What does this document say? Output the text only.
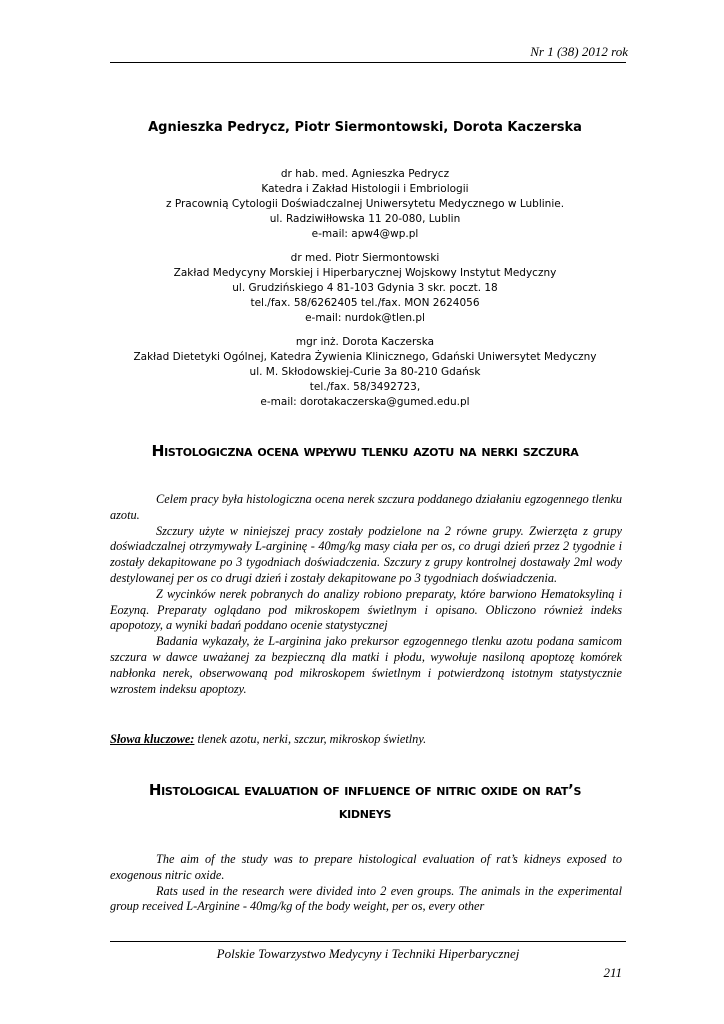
Nr 1 (38) 2012 rok
Agnieszka Pedrycz, Piotr Siermontowski, Dorota Kaczerska
dr hab. med. Agnieszka Pedrycz
Katedra i Zakład Histologii i Embriologii
z Pracownią Cytologii Doświadczalnej Uniwersytetu Medycznego w Lublinie.
ul. Radziwiłłowska 11 20-080, Lublin
e-mail: apw4@wp.pl
dr med. Piotr Siermontowski
Zakład Medycyny Morskiej i Hiperbarycznej Wojskowy Instytut Medyczny
ul. Grudzińskiego 4 81-103 Gdynia 3 skr. poczt. 18
tel./fax. 58/6262405 tel./fax. MON 2624056
e-mail: nurdok@tlen.pl
mgr inż. Dorota Kaczerska
Zakład Dietetyki Ogólnej, Katedra Żywienia Klinicznego, Gdański Uniwersytet Medyczny
ul. M. Skłodowskiej-Curie 3a 80-210 Gdańsk
tel./fax. 58/3492723,
e-mail: dorotakaczerska@gumed.edu.pl
Histologiczna ocena wpływu tlenku azotu na nerki szczura

Celem pracy była histologiczna ocena nerek szczura poddanego działaniu egzogennego tlenku azotu.

Szczury użyte w niniejszej pracy zostały podzielone na 2 równe grupy. Zwierzęta z grupy doświadczalnej otrzymywały L-argininę - 40mg/kg masy ciała per os, co drugi dzień przez 2 tygodnie i zostały dekapitowane po 3 tygodniach doświadczenia. Szczury z grupy kontrolnej dostawały 2ml wody destylowanej per os co drugi dzień i zostały dekapitowane po 3 tygodniach doświadczenia.

Z wycinków nerek pobranych do analizy robiono preparaty, które barwiono Hematoksyliną i Eozyną. Preparaty oglądano pod mikroskopem świetlnym i opisano. Obliczono również indeks apopotozy, a wyniki badań poddano ocenie statystycznej

Badania wykazały, że L-arginina jako prekursor egzogennego tlenku azotu podana samicom szczura w dawce uważanej za bezpieczną dla matki i płodu, wywołuje nasiloną apoptozę komórek nabłonka nerek, obserwowaną pod mikroskopem świetlnym i potwierdzoną istotnym statystycznie wzrostem indeksu apoptozy.

Słowa kluczowe: tlenek azotu, nerki, szczur, mikroskop świetlny.
Histological evaluation of influence of nitric oxide on rat’s
kidneys

The aim of the study was to prepare histological evaluation of rat’s kidneys exposed to exogenous nitric oxide.

Rats used in the research were divided into 2 even groups. The animals in the experimental group received L-Arginine - 40mg/kg of the body weight, per os, every other

Polskie Towarzystwo Medycyny i Techniki Hiperbarycznej
211
